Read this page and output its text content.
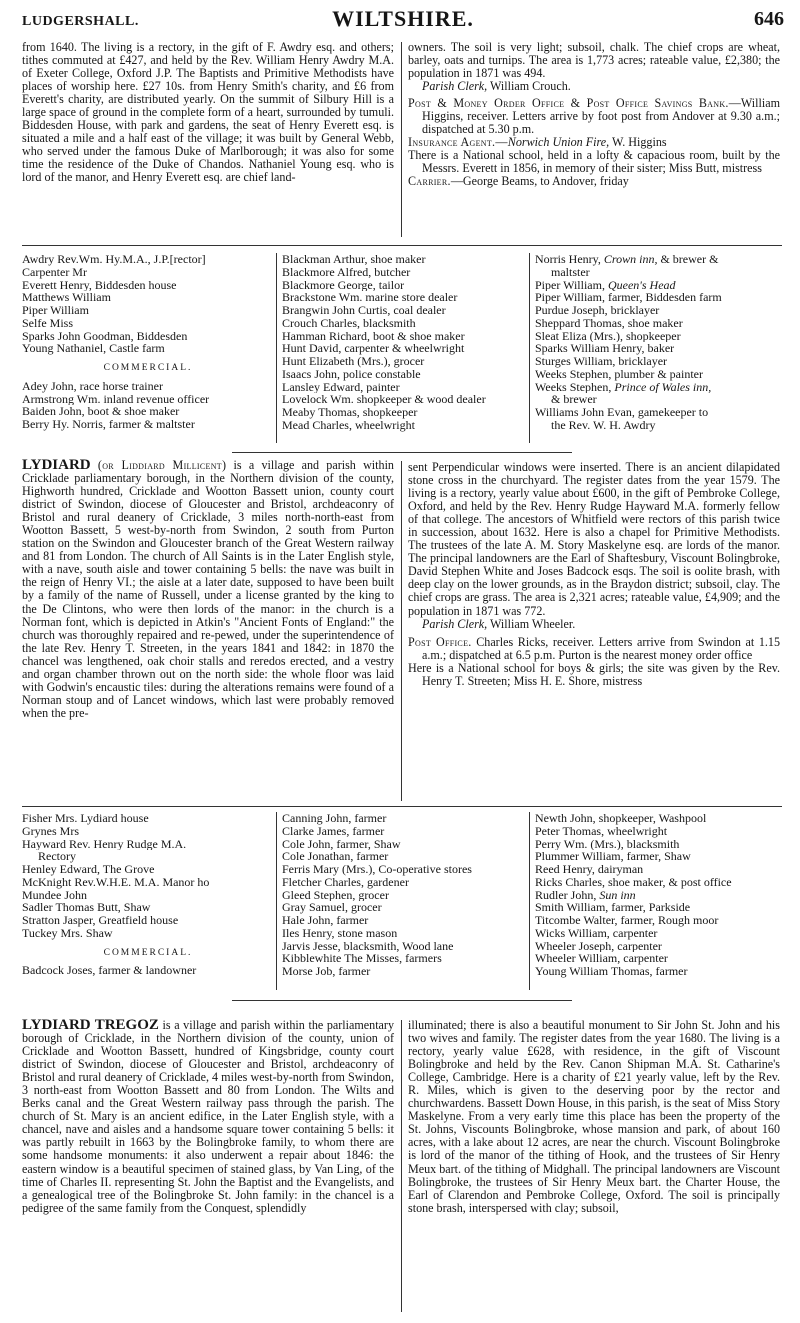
LUDGERSHALL.	WILTSHIRE.	646

from 1640. The living is a rectory, in the gift of F. Awdry esq. and others; tithes commuted at £427, and held by the Rev. William Henry Awdry M.A. of Exeter College, Oxford J.P. The Baptists and Primitive Methodists have places of worship here. £27 10s. from Henry Smith's charity, and £6 from Everett's charity, are distributed yearly. On the summit of Silbury Hill is a large space of ground in the complete form of a heart, surrounded by tumuli. Biddesden House, with park and gardens, the seat of Henry Everett esq. is situated a mile and a half east of the village; it was built by General Webb, who served under the famous Duke of Marlborough; it was also for some time the residence of the Duke of Chandos. Nathaniel Young esq. who is lord of the manor, and Henry Everett esq. are chief land-

owners. The soil is very light; subsoil, chalk. The chief crops are wheat, barley, oats and turnips. The area is 1,773 acres; rateable value, £2,380; the population in 1871 was 494.

Parish Clerk, William Crouch.

Post & Money Order Office & Post Office Savings Bank.—William Higgins, receiver. Letters arrive by foot post from Andover at 9.30 a.m.; dispatched at 5.30 p.m.

Insurance Agent.—Norwich Union Fire, W. Higgins

There is a National school, held in a lofty & capacious room, built by the Messrs. Everett in 1856, in memory of their sister; Miss Butt, mistress

Carrier.—George Beams, to Andover, friday

Awdry Rev.Wm. Hy.M.A., J.P.[rector]
Carpenter Mr
Everett Henry, Biddesden house
Matthews William
Piper William
Selfe Miss
Sparks John Goodman, Biddesden
Young Nathaniel, Castle farm
COMMERCIAL.
Adey John, race horse trainer
Armstrong Wm. inland revenue officer
Baiden John, boot & shoe maker
Berry Hy. Norris, farmer & maltster
Blackman Arthur, shoe maker
Blackmore Alfred, butcher
Blackmore George, tailor
Brackstone Wm. marine store dealer
Brangwin John Curtis, coal dealer
Crouch Charles, blacksmith
Hamman Richard, boot & shoe maker
Hunt David, carpenter & wheelwright
Hunt Elizabeth (Mrs.), grocer
Isaacs John, police constable
Lansley Edward, painter
Lovelock Wm. shopkeeper & wood dealer
Meaby Thomas, shopkeeper
Mead Charles, wheelwright
Norris Henry, Crown inn, & brewer &
maltster
Piper William, Queen's Head
Piper William, farmer, Biddesden farm
Purdue Joseph, bricklayer
Sheppard Thomas, shoe maker
Sleat Eliza (Mrs.), shopkeeper
Sparks William Henry, baker
Sturges William, bricklayer
Weeks Stephen, plumber & painter
Weeks Stephen, Prince of Wales inn,
& brewer
Williams John Evan, gamekeeper to
the Rev. W. H. Awdry

LYDIARD (or Liddiard Millicent) is a village and parish within Cricklade parliamentary borough, in the Northern division of the county, Highworth hundred, Cricklade and Wootton Bassett union, county court district of Swindon, diocese of Gloucester and Bristol, archdeaconry of Bristol and rural deanery of Cricklade, 3 miles north-north-east from Wootton Bassett, 5 west-by-north from Swindon, 2 south from Purton station on the Swindon and Gloucester branch of the Great Western railway and 81 from London. The church of All Saints is in the Later English style, with a nave, south aisle and tower containing 5 bells: the nave was built in the reign of Henry VI.; the aisle at a later date, supposed to have been built by a family of the name of Russell, under a license granted by the king to the De Clintons, who were then lords of the manor: in the church is a Norman font, which is depicted in Atkin's "Ancient Fonts of England:" the church was thoroughly repaired and re-pewed, under the superintendence of the late Rev. Henry T. Streeten, in the years 1841 and 1842: in 1870 the chancel was lengthened, oak choir stalls and reredos erected, and a vestry and organ chamber thrown out on the north side: the whole floor was laid with Godwin's encaustic tiles: during the alterations remains were found of a Norman stoup and of Lancet windows, which last were probably removed when the pre-

sent Perpendicular windows were inserted. There is an ancient dilapidated stone cross in the churchyard. The register dates from the year 1579. The living is a rectory, yearly value about £600, in the gift of Pembroke College, Oxford, and held by the Rev. Henry Rudge Hayward M.A. formerly fellow of that college. The ancestors of Whitfield were rectors of this parish twice in succession, about 1632. Here is also a chapel for Primitive Methodists. The trustees of the late A. M. Story Maskelyne esq. are lords of the manor. The principal landowners are the Earl of Shaftesbury, Viscount Bolingbroke, David Stephen White and Joses Badcock esqs. The soil is oolite brash, with deep clay on the lower grounds, as in the Braydon district; subsoil, clay. The chief crops are grass. The area is 2,321 acres; rateable value, £4,909; and the population in 1871 was 772.

Parish Clerk, William Wheeler.

Post Office. Charles Ricks, receiver. Letters arrive from Swindon at 1.15 a.m.; dispatched at 6.5 p.m. Purton is the nearest money order office

Here is a National school for boys & girls; the site was given by the Rev. Henry T. Streeten; Miss H. E. Shore, mistress

Fisher Mrs. Lydiard house
Grynes Mrs
Hayward Rev. Henry Rudge M.A.
Rectory
Henley Edward, The Grove
McKnight Rev.W.H.E. M.A. Manor ho
Mundee John
Sadler Thomas Butt, Shaw
Stratton Jasper, Greatfield house
Tuckey Mrs. Shaw
COMMERCIAL.
Badcock Joses, farmer & landowner
Canning John, farmer
Clarke James, farmer
Cole John, farmer, Shaw
Cole Jonathan, farmer
Ferris Mary (Mrs.), Co-operative stores
Fletcher Charles, gardener
Gleed Stephen, grocer
Gray Samuel, grocer
Hale John, farmer
Iles Henry, stone mason
Jarvis Jesse, blacksmith, Wood lane
Kibblewhite The Misses, farmers
Morse Job, farmer
Newth John, shopkeeper, Washpool
Peter Thomas, wheelwright
Perry Wm. (Mrs.), blacksmith
Plummer William, farmer, Shaw
Reed Henry, dairyman
Ricks Charles, shoe maker, & post office
Rudler John, Sun inn
Smith William, farmer, Parkside
Titcombe Walter, farmer, Rough moor
Wicks William, carpenter
Wheeler Joseph, carpenter
Wheeler William, carpenter
Young William Thomas, farmer

LYDIARD TREGOZ is a village and parish within the parliamentary borough of Cricklade, in the Northern division of the county, union of Cricklade and Wootton Bassett, hundred of Kingsbridge, county court district of Swindon, diocese of Gloucester and Bristol, archdeaconry of Bristol and rural deanery of Cricklade, 4 miles west-by-north from Swindon, 3 north-east from Wootton Bassett and 80 from London. The Wilts and Berks canal and the Great Western railway pass through the parish. The church of St. Mary is an ancient edifice, in the Later English style, with a chancel, nave and aisles and a handsome square tower containing 5 bells: it was partly rebuilt in 1663 by the Bolingbroke family, to whom there are some handsome monuments: it also underwent a repair about 1846: the eastern window is a beautiful specimen of stained glass, by Van Ling, of the time of Charles II. representing St. John the Baptist and the Evangelists, and a genealogical tree of the Bolingbroke St. John family: in the chancel is a pedigree of the same family from the Conquest, splendidly

illuminated; there is also a beautiful monument to Sir John St. John and his two wives and family. The register dates from the year 1680. The living is a rectory, yearly value £628, with residence, in the gift of Viscount Bolingbroke and held by the Rev. Canon Shipman M.A. St. Catharine's College, Cambridge. Here is a charity of £21 yearly value, left by the Rev. R. Miles, which is given to the deserving poor by the rector and churchwardens. Bassett Down House, in this parish, is the seat of Miss Story Maskelyne. From a very early time this place has been the property of the St. Johns, Viscounts Bolingbroke, whose mansion and park, of about 160 acres, with a lake about 12 acres, are near the church. Viscount Bolingbroke is lord of the manor of the tithing of Hook, and the trustees of Sir Henry Meux bart. of the tithing of Midghall. The principal landowners are Viscount Bolingbroke, the trustees of Sir Henry Meux bart. the Charter House, the Earl of Clarendon and Pembroke College, Oxford. The soil is principally stone brash, interspersed with clay; subsoil,
